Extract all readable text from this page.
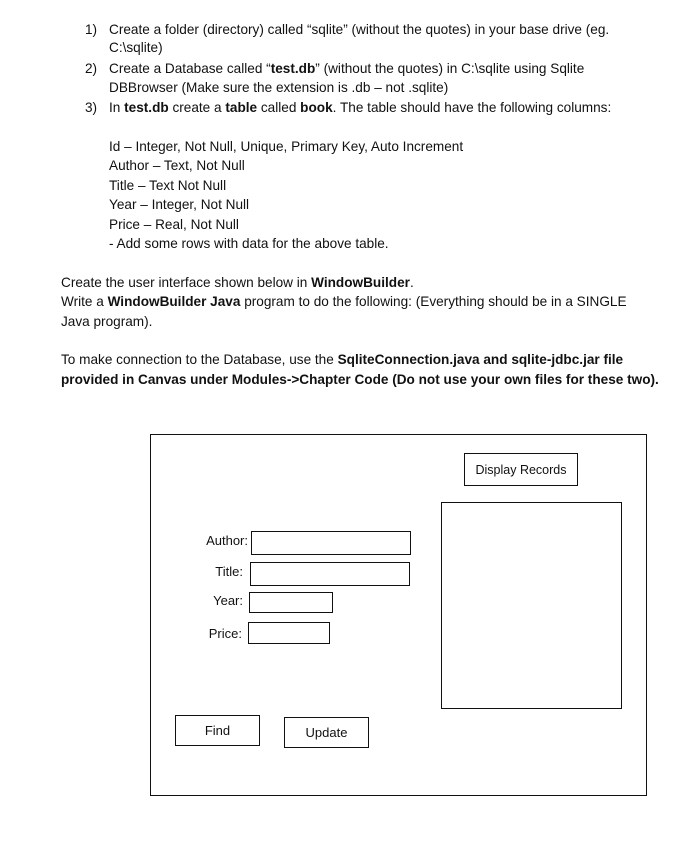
1) Create a folder (directory) called “sqlite” (without the quotes) in your base drive (eg.
C:\sqlite)
2) Create a Database called “test.db” (without the quotes) in C:\sqlite using Sqlite
DBBrowser (Make sure the extension is .db – not .sqlite)
3) In test.db create a table called book. The table should have the following columns:
Id – Integer, Not Null, Unique, Primary Key, Auto Increment
Author – Text, Not Null
Title – Text Not Null
Year – Integer, Not Null
Price – Real, Not Null
- Add some rows with data for the above table.
Create the user interface shown below in WindowBuilder.
Write a WindowBuilder Java program to do the following: (Everything should be in a SINGLE
Java program).
To make connection to the Database, use the SqliteConnection.java and sqlite-jdbc.jar file
provided in Canvas under Modules->Chapter Code (Do not use your own files for these two).
Display Records
Author:
Title:
Year:
Price:
Find	Update
